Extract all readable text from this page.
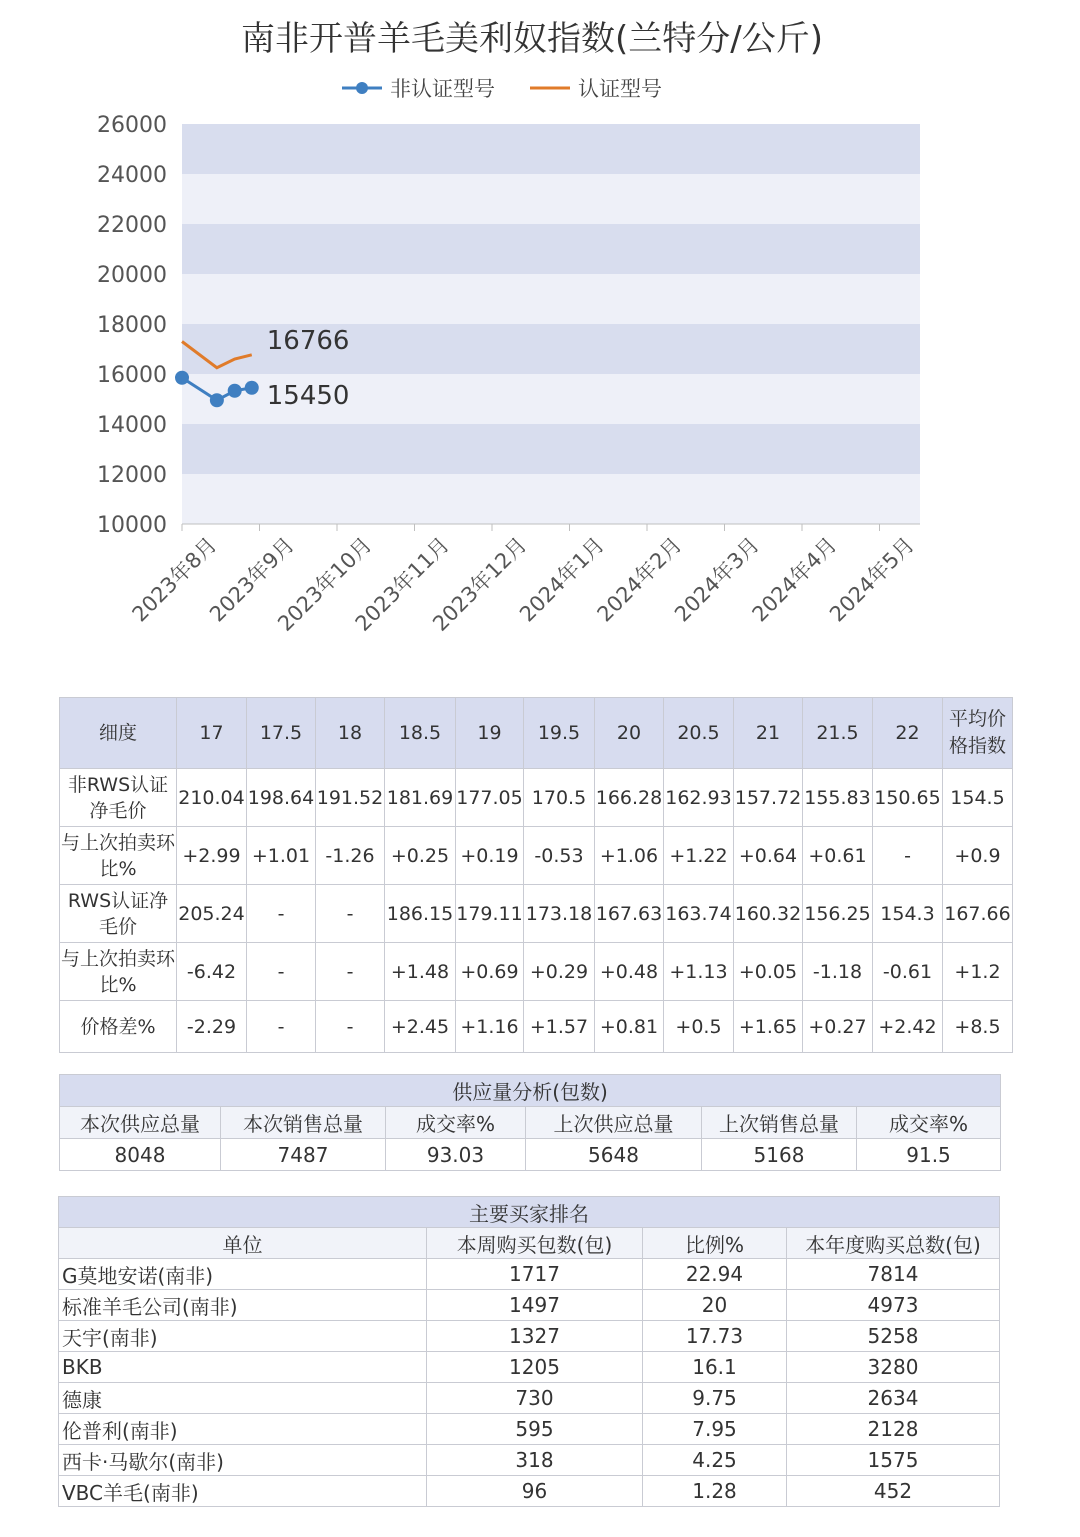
南非开普羊毛美利奴指数(兰特分/公斤)
非认证型号	认证型号
10000
12000
14000
16000
18000
20000
22000
24000
26000
2023年8月
2023年9月
2023年10月
2023年11月
2023年12月
2024年1月
2024年2月
2024年3月
2024年4月
2024年5月
15450
16766
细度	17	17.5	18	18.5	19	19.5	20	20.5	21	21.5	22	平均价格指数
非RWS认证净毛价	210.04	198.64	191.52	181.69	177.05	170.5	166.28	162.93	157.72	155.83	150.65	154.5
与上次拍卖环比%	+2.99	+1.01	-1.26	+0.25	+0.19	-0.53	+1.06	+1.22	+0.64	+0.61	-	+0.9
RWS认证净毛价	205.24	-	-	186.15	179.11	173.18	167.63	163.74	160.32	156.25	154.3	167.66
与上次拍卖环比%	-6.42	-	-	+1.48	+0.69	+0.29	+0.48	+1.13	+0.05	-1.18	-0.61	+1.2
价格差%	-2.29	-	-	+2.45	+1.16	+1.57	+0.81	+0.5	+1.65	+0.27	+2.42	+8.5
供应量分析(包数)					
本次供应总量	本次销售总量	成交率%	上次供应总量	上次销售总量	成交率%
8048	7487	93.03	5648	5168	91.5
主要买家排名			
单位	本周购买包数(包)	比例%	本年度购买总数(包)
G莫地安诺(南非)	1717	22.94	7814
标准羊毛公司(南非)	1497	20	4973
天宇(南非)	1327	17.73	5258
BKB	1205	16.1	3280
德康	730	9.75	2634
伦普利(南非)	595	7.95	2128
西卡·马歇尔(南非)	318	4.25	1575
VBC羊毛(南非)	96	1.28	452
